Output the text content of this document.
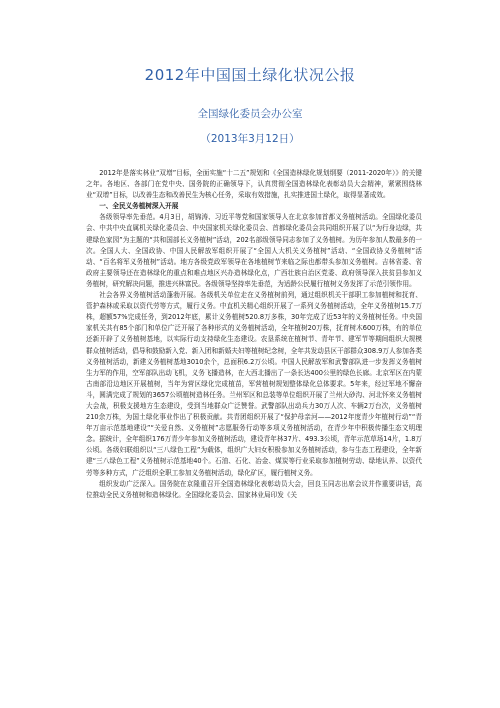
2012年中国国土绿化状况公报
全国绿化委员会办公室
（2013年3月12日）

2012年是落实林业“双增”目标，全面实施“十二五”规划和《全国造林绿化规划纲要（2011-2020年）》的关键之年。各地区、各部门在党中央、国务院的正确领导下，认真贯彻全国造林绿化表彰动员大会精神，紧紧围绕林业“双增”目标，以改善生态和改善民生为核心任务，采取有效措施，扎实推进国土绿化，取得显著成效。

一、全民义务植树深入开展

各级领导率先垂范。4月3日，胡锦涛、习近平等党和国家领导人在北京参加首都义务植树活动。全国绿化委员会、中共中央直属机关绿化委员会、中央国家机关绿化委员会、首都绿化委员会共同组织开展了以“为行身边绿，共建绿色家园”为主题的“共和国部长义务植树”活动，202名部级领导同志参加了义务植树。为历年参加人数最多的一次。全国人大、全国政协、中国人民解放军组织开展了“全国人大机关义务植树”活动、“全国政协义务植树”活动、“百名将军义务植树”活动。地方各级党政军领导在各地植树节来临之际也都带头参加义务植树。吉林省委、省政府主要领导还在造林绿化的重点和难点地区兴办造林绿化点，广西壮族自治区党委、政府领导深入扶贫县参加义务植树，研究解决问题，推进兴林富民。各级领导坚持率先垂范，为适龄公民履行植树义务发挥了示范引领作用。

社会各界义务植树活动蓬勃开展。各级机关单位走在义务植树前列，通过组织机关干部职工参加植树和抚育、管护森林或采取以资代劳等方式，履行义务。中直机关精心组织开展了一系列义务植树活动，全年义务植树15.7万株，超额57%完成任务，到2012年底，累计义务植树520.8万多株，30年完成了近53年的义务植树任务。中央国家机关共有85个部门和单位广泛开展了各种形式的义务植树活动，全年植树20万株，抚育树木600万株，有的单位还新开辟了义务植树基地，以实际行动支持绿化生态建设。农垦系统在植树节、青年节、建军节等期间组织大规模群众植树活动，倡导和鼓励新入党、新入团和新婚夫妇等植树纪念树，全年共发动县区干部群众308.9万人参加各类义务植树活动，新建义务植树基地3010余个，总面积6.2万公顷。中国人民解放军和武警部队进一步发挥义务植树生力军的作用，空军部队出动飞机，义务飞播造林，在大西北播出了一条长达400公里的绿色长廊。北京军区在内蒙古南部沿边地区开展植树，当年为营区绿化完成植苗，军营植树规划整体绿化总体要求。5年来，经过军地不懈奋斗，圆满完成了规划的3657公顷植树造林任务。兰州军区和总装等单位组织开展了兰州大砂沟、河北怀来义务植树大会战，积极支援地方生态建设，受到当地群众广泛赞誉。武警部队出动兵力30万人次、车辆2万台次，义务植树210余万株，为国土绿化事业作出了积极贡献。共青团组织开展了“保护母亲河——2012年度青少年植树行动”“青年万亩示范基地建设”“关爱自然、义务植树”志愿服务行动等多项义务植树活动，在青少年中积极传播生态文明理念。据统计，全年组织176万青少年参加义务植树活动，建设青年林37片、493.3公顷，青年示范草场14片，1.8万公顷。各级妇联组织以“三八绿色工程”为载体，组织广大妇女积极参加义务植树活动，参与生态工程建设，全年新建“三八绿色工程”义务植树示范基地40个。石油、石化、冶金、煤炭等行业采取参加植树劳动、绿地认养、以资代劳等多种方式，广泛组织全职工参加义务植树活动，绿化矿区，履行植树义务。

组织发动广泛深入。国务院在京隆重召开全国造林绿化表彰动员大会，回良玉同志出席会议并作重要讲话，高位推动全民义务植树和造林绿化。全国绿化委员会、国家林业局印发《关
